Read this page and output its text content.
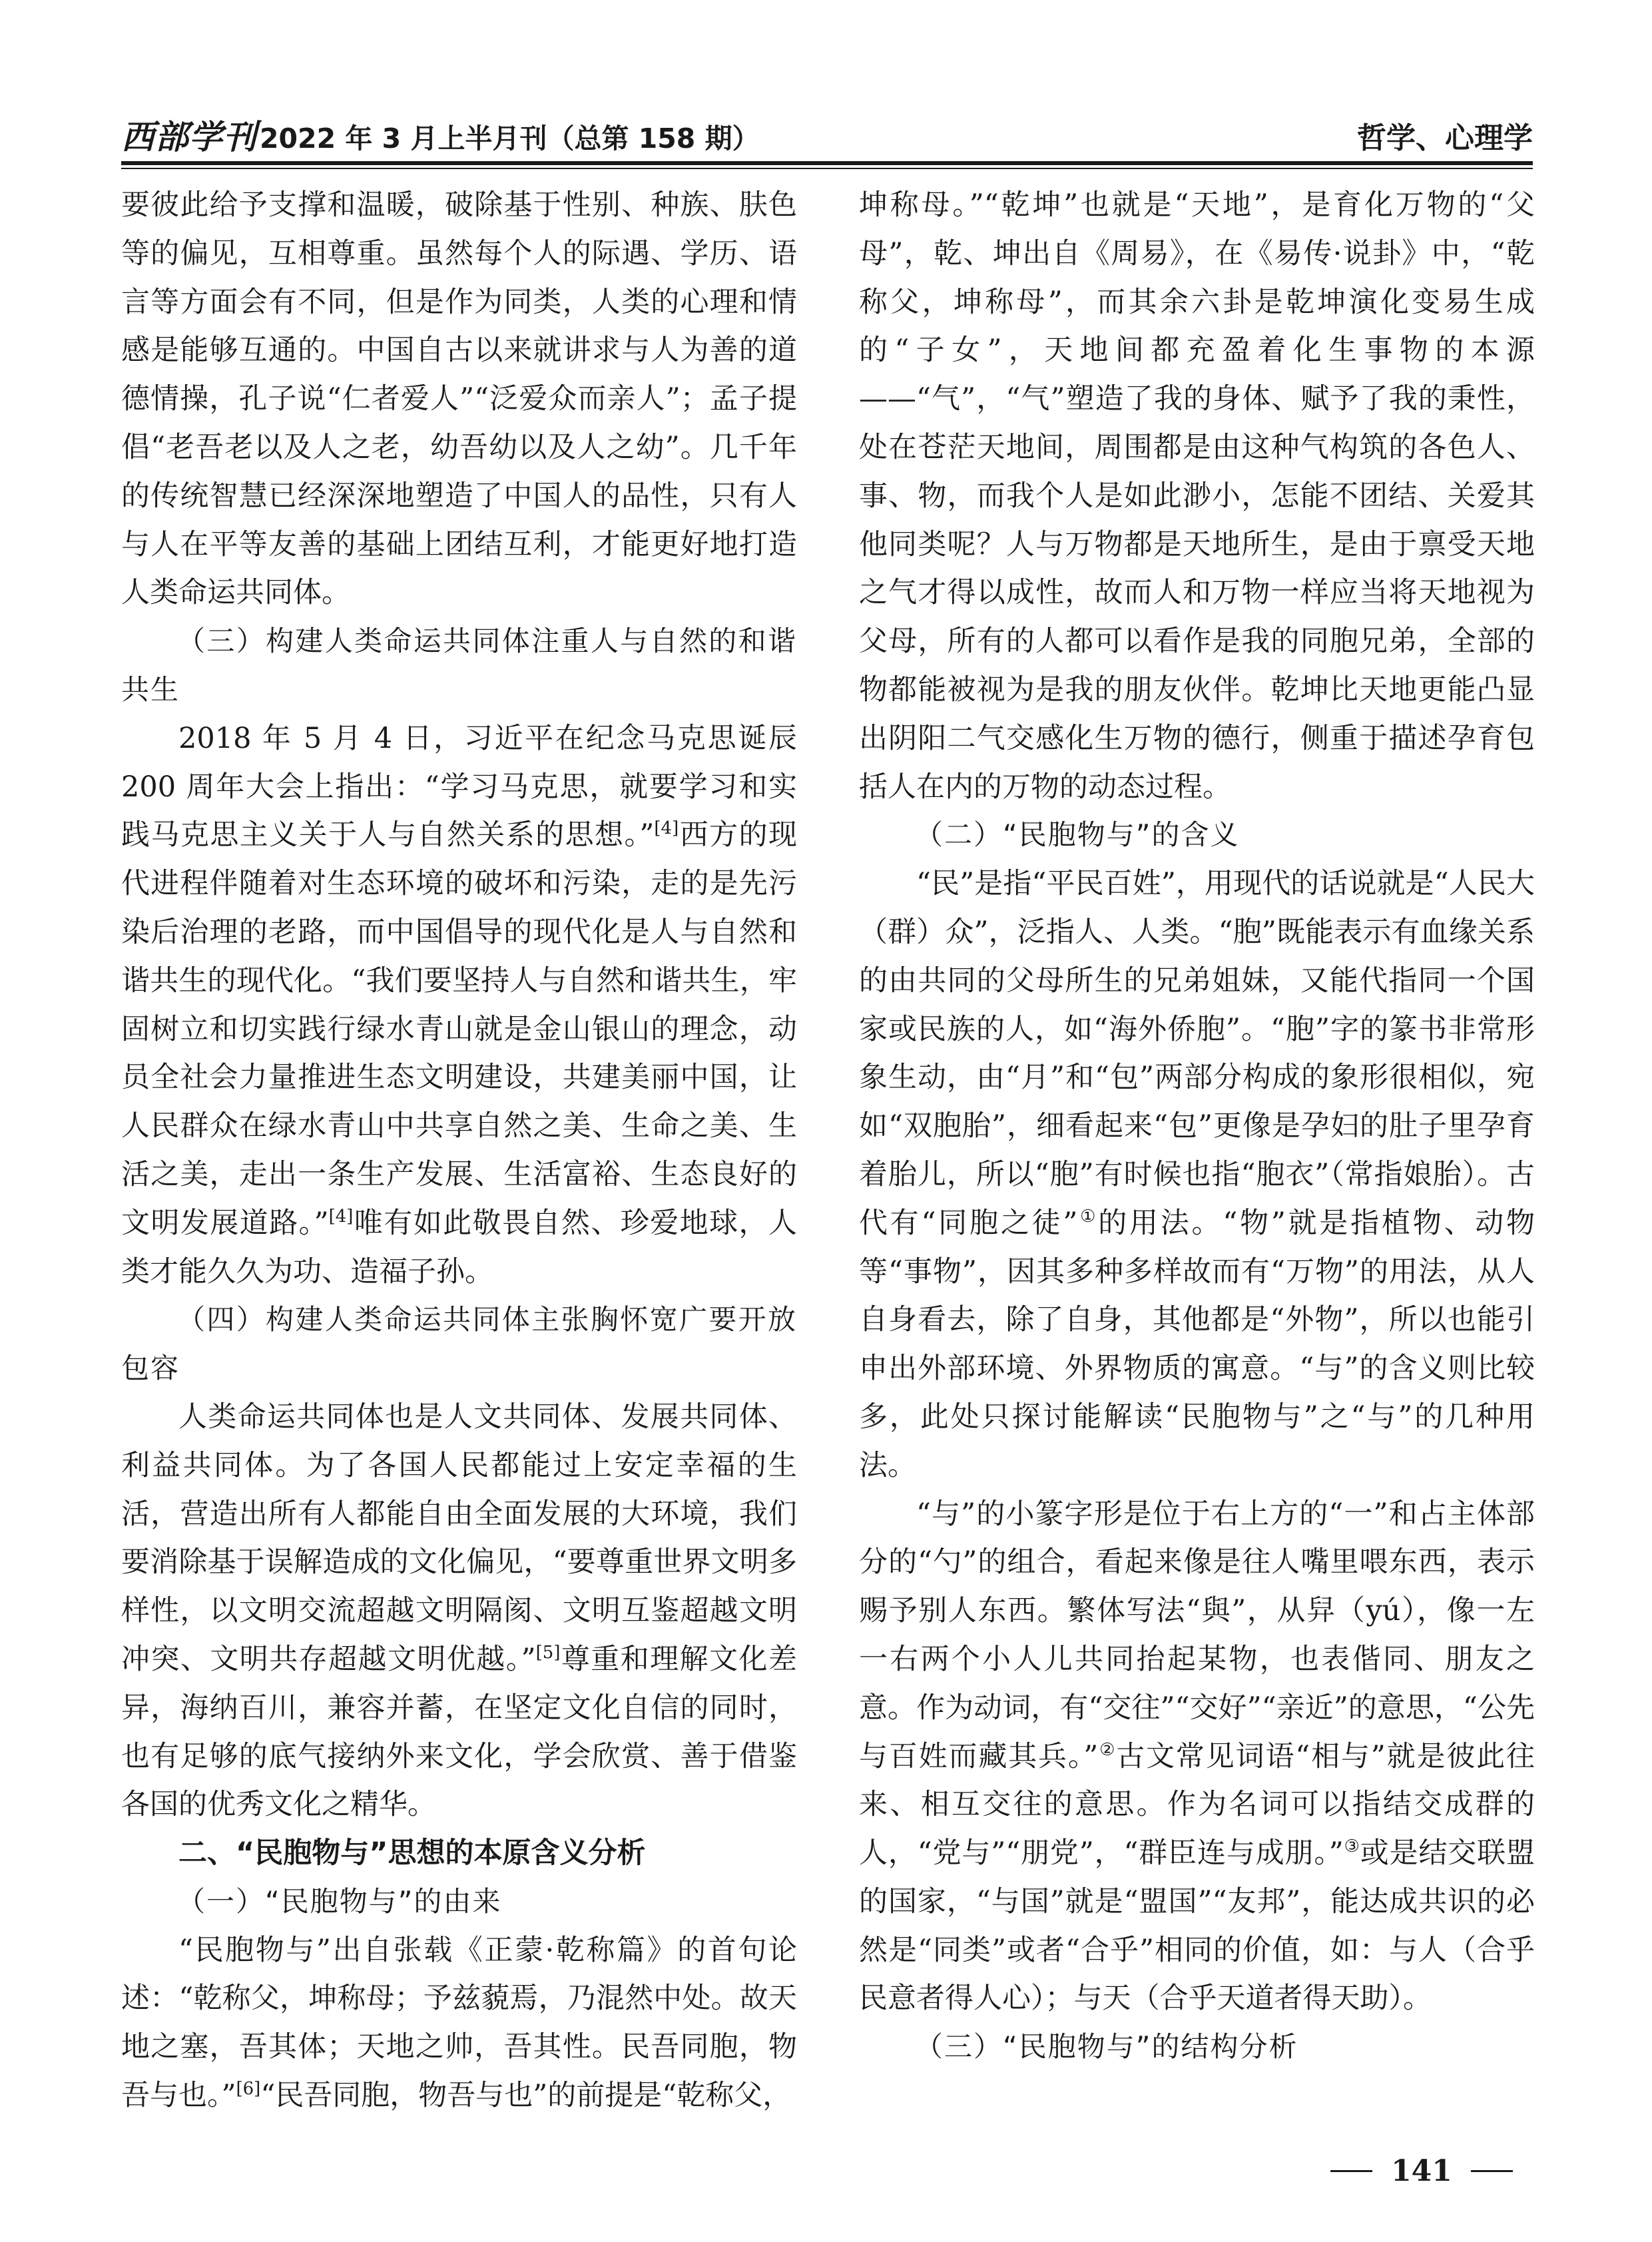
西部学刊 2022 年 3 月上半月刊（总第 158 期）	哲学、心理学

要彼此给予支撑和温暖，破除基于性别、种族、肤色等的偏见，互相尊重。虽然每个人的际遇、学历、语言等方面会有不同，但是作为同类，人类的心理和情感是能够互通的。中国自古以来就讲求与人为善的道德情操，孔子说“仁者爱人”“泛爱众而亲人”；孟子提倡“老吾老以及人之老，幼吾幼以及人之幼”。几千年的传统智慧已经深深地塑造了中国人的品性，只有人与人在平等友善的基础上团结互利，才能更好地打造人类命运共同体。

（三）构建人类命运共同体注重人与自然的和谐共生

2018 年 5 月 4 日，习近平在纪念马克思诞辰 200 周年大会上指出：“学习马克思，就要学习和实践马克思主义关于人与自然关系的思想。”[4]西方的现代进程伴随着对生态环境的破坏和污染，走的是先污染后治理的老路，而中国倡导的现代化是人与自然和谐共生的现代化。“我们要坚持人与自然和谐共生，牢固树立和切实践行绿水青山就是金山银山的理念，动员全社会力量推进生态文明建设，共建美丽中国，让人民群众在绿水青山中共享自然之美、生命之美、生活之美，走出一条生产发展、生活富裕、生态良好的文明发展道路。”[4]唯有如此敬畏自然、珍爱地球，人类才能久久为功、造福子孙。

（四）构建人类命运共同体主张胸怀宽广要开放包容

人类命运共同体也是人文共同体、发展共同体、利益共同体。为了各国人民都能过上安定幸福的生活，营造出所有人都能自由全面发展的大环境，我们要消除基于误解造成的文化偏见，“要尊重世界文明多样性，以文明交流超越文明隔阂、文明互鉴超越文明冲突、文明共存超越文明优越。”[5]尊重和理解文化差异，海纳百川，兼容并蓄，在坚定文化自信的同时，也有足够的底气接纳外来文化，学会欣赏、善于借鉴各国的优秀文化之精华。

二、“民胞物与”思想的本原含义分析
（一）“民胞物与”的由来

“民胞物与”出自张载《正蒙·乾称篇》的首句论述：“乾称父，坤称母；予兹藐焉，乃混然中处。故天地之塞，吾其体；天地之帅，吾其性。民吾同胞，物吾与也。”[6]“民吾同胞，物吾与也”的前提是“乾称父，

坤称母。”“乾坤”也就是“天地”，是育化万物的“父母”，乾、坤出自《周易》，在《易传·说卦》中，“乾称父，坤称母”，而其余六卦是乾坤演化变易生成的“子女”，天地间都充盈着化生事物的本源——“气”，“气”塑造了我的身体、赋予了我的秉性，处在苍茫天地间，周围都是由这种气构筑的各色人、事、物，而我个人是如此渺小，怎能不团结、关爱其他同类呢？人与万物都是天地所生，是由于禀受天地之气才得以成性，故而人和万物一样应当将天地视为父母，所有的人都可以看作是我的同胞兄弟，全部的物都能被视为是我的朋友伙伴。乾坤比天地更能凸显出阴阳二气交感化生万物的德行，侧重于描述孕育包括人在内的万物的动态过程。

（二）“民胞物与”的含义

“民”是指“平民百姓”，用现代的话说就是“人民大（群）众”，泛指人、人类。“胞”既能表示有血缘关系的由共同的父母所生的兄弟姐妹，又能代指同一个国家或民族的人，如“海外侨胞”。“胞”字的篆书非常形象生动，由“月”和“包”两部分构成的象形很相似，宛如“双胞胎”，细看起来“包”更像是孕妇的肚子里孕育着胎儿，所以“胞”有时候也指“胞衣”（常指娘胎）。古代有“同胞之徒”①的用法。“物”就是指植物、动物等“事物”，因其多种多样故而有“万物”的用法，从人自身看去，除了自身，其他都是“外物”，所以也能引申出外部环境、外界物质的寓意。“与”的含义则比较多，此处只探讨能解读“民胞物与”之“与”的几种用法。

“与”的小篆字形是位于右上方的“一”和占主体部分的“勺”的组合，看起来像是往人嘴里喂东西，表示赐予别人东西。繁体写法“與”，从舁（yú），像一左一右两个小人儿共同抬起某物，也表偕同、朋友之意。作为动词，有“交往”“交好”“亲近”的意思，“公先与百姓而藏其兵。”②古文常见词语“相与”就是彼此往来、相互交往的意思。作为名词可以指结交成群的人，“党与”“朋党”，“群臣连与成朋。”③或是结交联盟的国家，“与国”就是“盟国”“友邦”，能达成共识的必然是“同类”或者“合乎”相同的价值，如：与人（合乎民意者得人心）；与天（合乎天道者得天助）。

（三）“民胞物与”的结构分析
141
